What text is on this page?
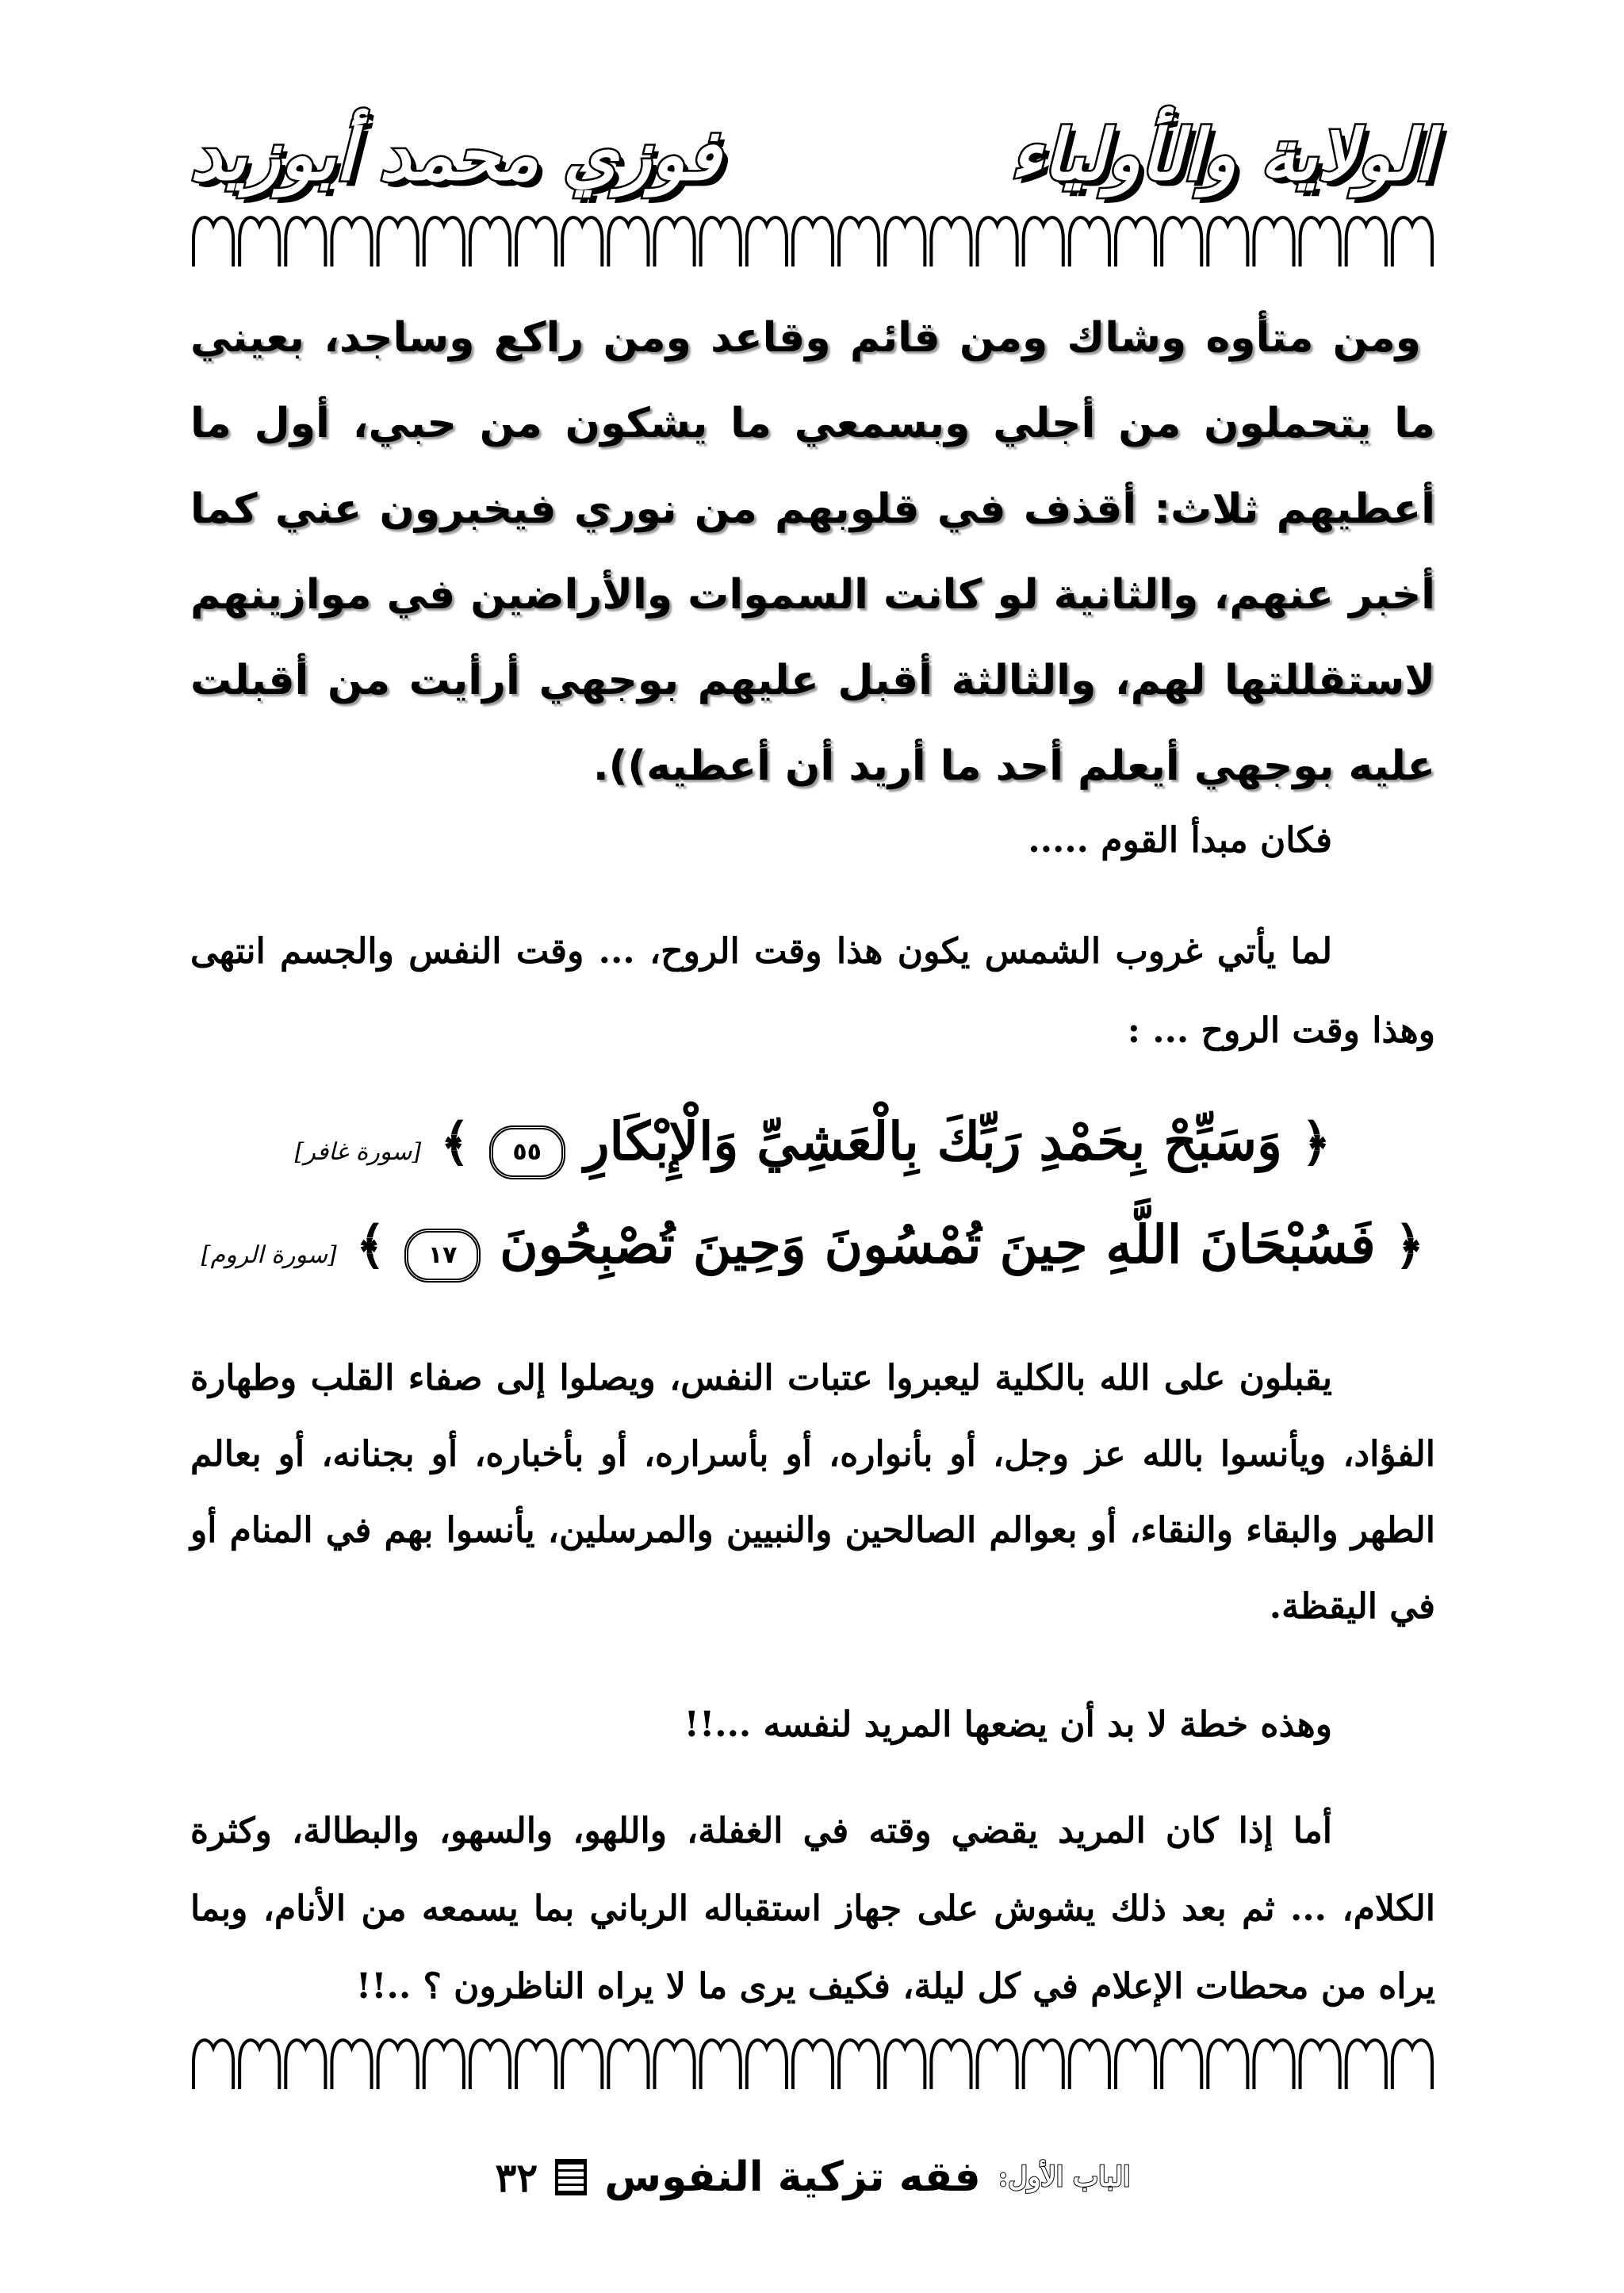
الولاية والأولياء
فوزي محمد أبوزيد
ومن متأوه وشاك ومن قائم وقاعد ومن راكع وساجد، بعيني ما يتحملون من أجلي وبسمعي ما يشكون من حبي، أول ما أعطيهم ثلاث: أقذف في قلوبهم من نوري فيخبرون عني كما أخبر عنهم، والثانية لو كانت السموات والأراضين في موازينهم لاستقللتها لهم، والثالثة أقبل عليهم بوجهي أرأيت من أقبلت عليه بوجهي أيعلم أحد ما أريد أن أعطيه)).
فكان مبدأ القوم .....
لما يأتي غروب الشمس يكون هذا وقت الروح، ... وقت النفس والجسم انتهى وهذا وقت الروح ... :
﴿
وَسَبِّحْ بِحَمْدِ رَبِّكَ بِالْعَشِيِّ وَالْإِبْكَارِ
٥٥
﴾
[سورة غافر]
﴿
فَسُبْحَانَ اللَّهِ حِينَ تُمْسُونَ وَحِينَ تُصْبِحُونَ
١٧
﴾
[سورة الروم]
يقبلون على الله بالكلية ليعبروا عتبات النفس، ويصلوا إلى صفاء القلب وطهارة الفؤاد، ويأنسوا بالله عز وجل، أو بأنواره، أو بأسراره، أو بأخباره، أو بجنانه، أو بعالم الطهر والبقاء والنقاء، أو بعوالم الصالحين والنبيين والمرسلين، يأنسوا بهم في المنام أو في اليقظة.
وهذه خطة لا بد أن يضعها المريد لنفسه ...!!
أما إذا كان المريد يقضي وقته في الغفلة، واللهو، والسهو، والبطالة، وكثرة الكلام، ... ثم بعد ذلك يشوش على جهاز استقباله الرباني بما يسمعه من الأنام، وبما يراه من محطات الإعلام في كل ليلة، فكيف يرى ما لا يراه الناظرون ؟ ..!!
الباب الأول:
فقه تزكية النفوس
٣٢
